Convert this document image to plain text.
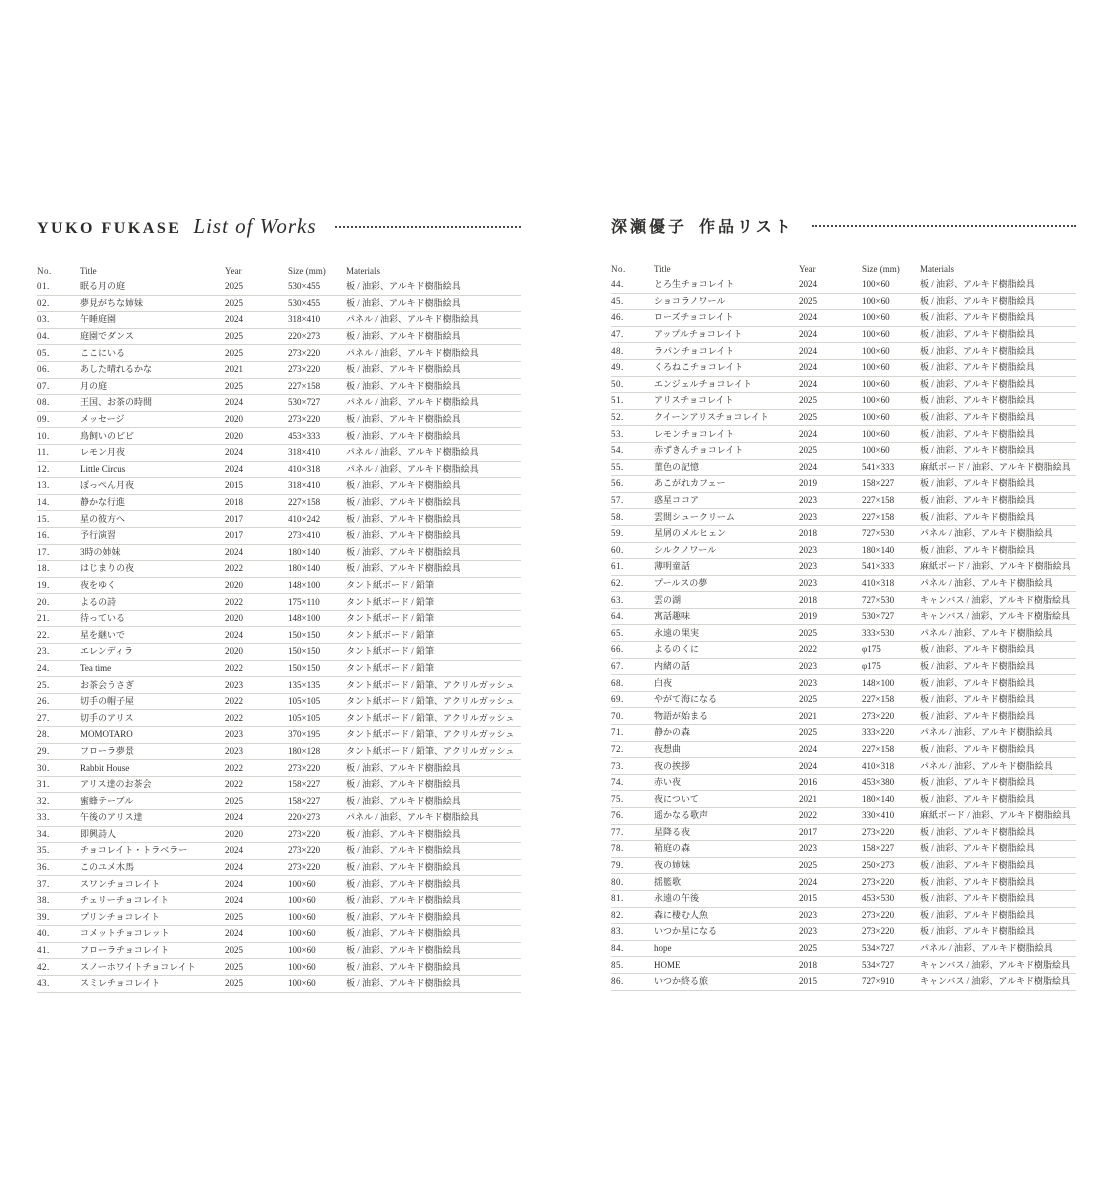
YUKO FUKASE List of Works
No.	Title	Year	Size (mm)	Materials
01.	眠る月の庭	2025	530×455	板 / 油彩、アルキド樹脂絵具
02.	夢見がちな姉妹	2025	530×455	板 / 油彩、アルキド樹脂絵具
03.	午睡庭園	2024	318×410	パネル / 油彩、アルキド樹脂絵具
04.	庭園でダンス	2025	220×273	板 / 油彩、アルキド樹脂絵具
05.	ここにいる	2025	273×220	パネル / 油彩、アルキド樹脂絵具
06.	あした晴れるかな	2021	273×220	板 / 油彩、アルキド樹脂絵具
07.	月の庭	2025	227×158	板 / 油彩、アルキド樹脂絵具
08.	王国、お茶の時間	2024	530×727	パネル / 油彩、アルキド樹脂絵具
09.	メッセージ	2020	273×220	板 / 油彩、アルキド樹脂絵具
10.	鳥飼いのビビ	2020	453×333	板 / 油彩、アルキド樹脂絵具
11.	レモン月夜	2024	318×410	パネル / 油彩、アルキド樹脂絵具
12.	Little Circus	2024	410×318	パネル / 油彩、アルキド樹脂絵具
13.	ぽっぺん月夜	2015	318×410	板 / 油彩、アルキド樹脂絵具
14.	静かな行進	2018	227×158	板 / 油彩、アルキド樹脂絵具
15.	星の彼方へ	2017	410×242	板 / 油彩、アルキド樹脂絵具
16.	予行演習	2017	273×410	板 / 油彩、アルキド樹脂絵具
17.	3時の姉妹	2024	180×140	板 / 油彩、アルキド樹脂絵具
18.	はじまりの夜	2022	180×140	板 / 油彩、アルキド樹脂絵具
19.	夜をゆく	2020	148×100	タント紙ボード / 鉛筆
20.	よるの詩	2022	175×110	タント紙ボード / 鉛筆
21.	待っている	2020	148×100	タント紙ボード / 鉛筆
22.	星を継いで	2024	150×150	タント紙ボード / 鉛筆
23.	エレンディラ	2020	150×150	タント紙ボード / 鉛筆
24.	Tea time	2022	150×150	タント紙ボード / 鉛筆
25.	お茶会うさぎ	2023	135×135	タント紙ボード / 鉛筆、アクリルガッシュ
26.	切手の帽子屋	2022	105×105	タント紙ボード / 鉛筆、アクリルガッシュ
27.	切手のアリス	2022	105×105	タント紙ボード / 鉛筆、アクリルガッシュ
28.	MOMOTARO	2023	370×195	タント紙ボード / 鉛筆、アクリルガッシュ
29.	フローラ夢景	2023	180×128	タント紙ボード / 鉛筆、アクリルガッシュ
30.	Rabbit House	2022	273×220	板 / 油彩、アルキド樹脂絵具
31.	アリス達のお茶会	2022	158×227	板 / 油彩、アルキド樹脂絵具
32.	蜜蜂テーブル	2025	158×227	板 / 油彩、アルキド樹脂絵具
33.	午後のアリス達	2024	220×273	パネル / 油彩、アルキド樹脂絵具
34.	即興詩人	2020	273×220	板 / 油彩、アルキド樹脂絵具
35.	チョコレイト・トラベラー	2024	273×220	板 / 油彩、アルキド樹脂絵具
36.	このユメ木馬	2024	273×220	板 / 油彩、アルキド樹脂絵具
37.	スワンチョコレイト	2024	100×60	板 / 油彩、アルキド樹脂絵具
38.	チェリーチョコレイト	2024	100×60	板 / 油彩、アルキド樹脂絵具
39.	プリンチョコレイト	2025	100×60	板 / 油彩、アルキド樹脂絵具
40.	コメットチョコレット	2024	100×60	板 / 油彩、アルキド樹脂絵具
41.	フローラチョコレイト	2025	100×60	板 / 油彩、アルキド樹脂絵具
42.	スノーホワイトチョコレイト	2025	100×60	板 / 油彩、アルキド樹脂絵具
43.	スミレチョコレイト	2025	100×60	板 / 油彩、アルキド樹脂絵具
深瀬優子 作品リスト
No.	Title	Year	Size (mm)	Materials
44.	とろ生チョコレイト	2024	100×60	板 / 油彩、アルキド樹脂絵具
45.	ショコラノワール	2025	100×60	板 / 油彩、アルキド樹脂絵具
46.	ローズチョコレイト	2024	100×60	板 / 油彩、アルキド樹脂絵具
47.	アップルチョコレイト	2024	100×60	板 / 油彩、アルキド樹脂絵具
48.	ラパンチョコレイト	2024	100×60	板 / 油彩、アルキド樹脂絵具
49.	くろねこチョコレイト	2024	100×60	板 / 油彩、アルキド樹脂絵具
50.	エンジェルチョコレイト	2024	100×60	板 / 油彩、アルキド樹脂絵具
51.	アリスチョコレイト	2025	100×60	板 / 油彩、アルキド樹脂絵具
52.	クイーンアリスチョコレイト	2025	100×60	板 / 油彩、アルキド樹脂絵具
53.	レモンチョコレイト	2024	100×60	板 / 油彩、アルキド樹脂絵具
54.	赤ずきんチョコレイト	2025	100×60	板 / 油彩、アルキド樹脂絵具
55.	菫色の記憶	2024	541×333	麻紙ボード / 油彩、アルキド樹脂絵具
56.	あこがれカフェー	2019	158×227	板 / 油彩、アルキド樹脂絵具
57.	惑星ココア	2023	227×158	板 / 油彩、アルキド樹脂絵具
58.	雲間シュークリーム	2023	227×158	板 / 油彩、アルキド樹脂絵具
59.	星屑のメルヒェン	2018	727×530	パネル / 油彩、アルキド樹脂絵具
60.	シルクノワール	2023	180×140	板 / 油彩、アルキド樹脂絵具
61.	薄明童話	2023	541×333	麻紙ボード / 油彩、アルキド樹脂絵具
62.	プールスの夢	2023	410×318	パネル / 油彩、アルキド樹脂絵具
63.	雲の湖	2018	727×530	キャンバス / 油彩、アルキド樹脂絵具
64.	寓話趣味	2019	530×727	キャンバス / 油彩、アルキド樹脂絵具
65.	永遠の果実	2025	333×530	パネル / 油彩、アルキド樹脂絵具
66.	よるのくに	2022	φ175	板 / 油彩、アルキド樹脂絵具
67.	内緒の話	2023	φ175	板 / 油彩、アルキド樹脂絵具
68.	白夜	2023	148×100	板 / 油彩、アルキド樹脂絵具
69.	やがて海になる	2025	227×158	板 / 油彩、アルキド樹脂絵具
70.	物語が始まる	2021	273×220	板 / 油彩、アルキド樹脂絵具
71.	静かの森	2025	333×220	パネル / 油彩、アルキド樹脂絵具
72.	夜想曲	2024	227×158	板 / 油彩、アルキド樹脂絵具
73.	夜の挨拶	2024	410×318	パネル / 油彩、アルキド樹脂絵具
74.	赤い夜	2016	453×380	板 / 油彩、アルキド樹脂絵具
75.	夜について	2021	180×140	板 / 油彩、アルキド樹脂絵具
76.	遥かなる歌声	2022	330×410	麻紙ボード / 油彩、アルキド樹脂絵具
77.	星降る夜	2017	273×220	板 / 油彩、アルキド樹脂絵具
78.	箱庭の森	2023	158×227	板 / 油彩、アルキド樹脂絵具
79.	夜の姉妹	2025	250×273	板 / 油彩、アルキド樹脂絵具
80.	揺籃歌	2024	273×220	板 / 油彩、アルキド樹脂絵具
81.	永遠の午後	2015	453×530	板 / 油彩、アルキド樹脂絵具
82.	森に棲む人魚	2023	273×220	板 / 油彩、アルキド樹脂絵具
83.	いつか星になる	2023	273×220	板 / 油彩、アルキド樹脂絵具
84.	hope	2025	534×727	パネル / 油彩、アルキド樹脂絵具
85.	HOME	2018	534×727	キャンバス / 油彩、アルキド樹脂絵具
86.	いつか終る旅	2015	727×910	キャンバス / 油彩、アルキド樹脂絵具
